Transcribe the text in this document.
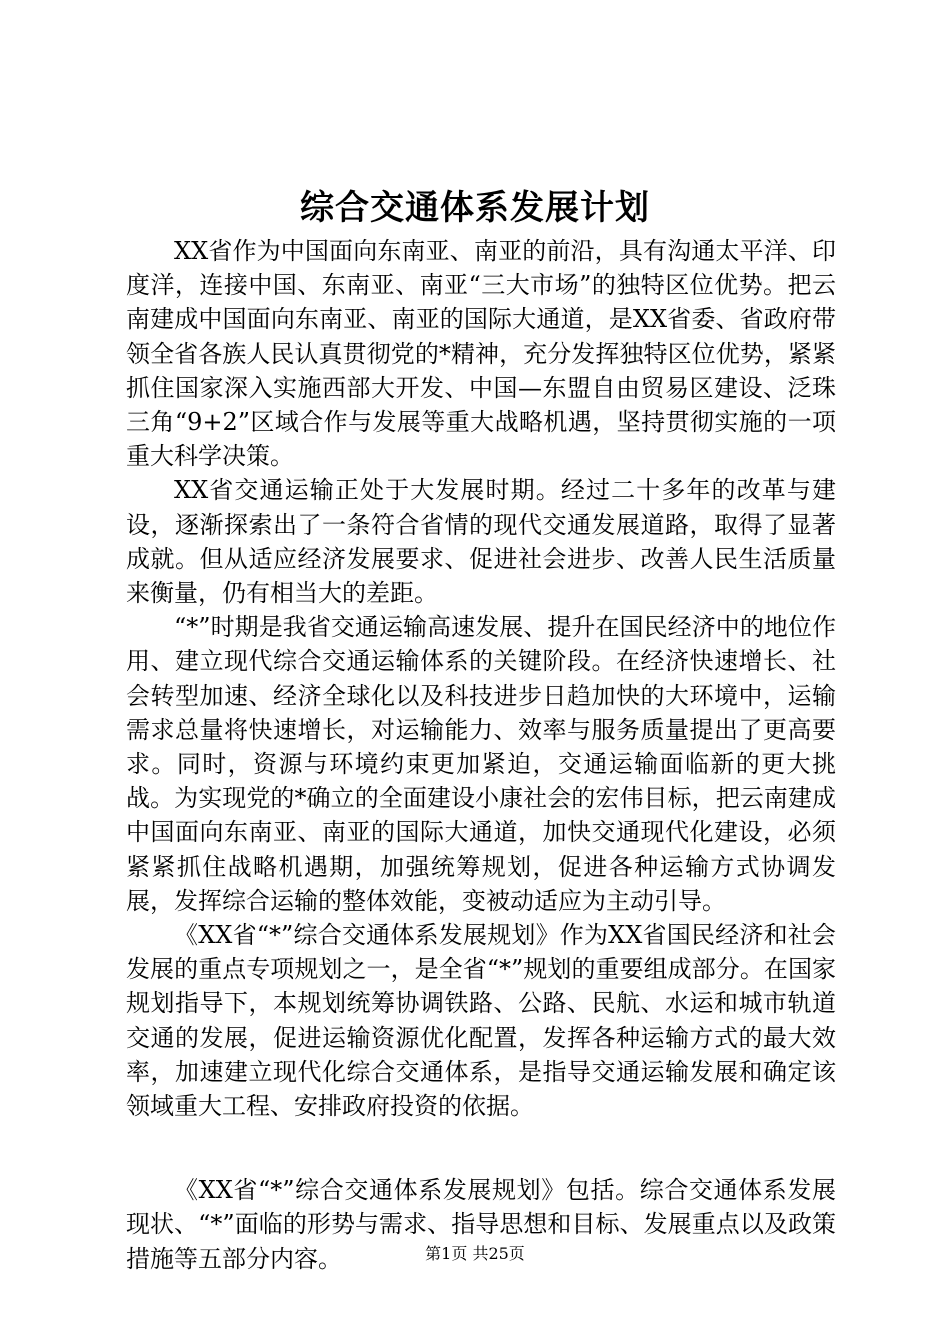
综合交通体系发展计划

XX省作为中国面向东南亚、南亚的前沿，具有沟通太平洋、印度洋，连接中国、东南亚、南亚“三大市场”的独特区位优势。把云南建成中国面向东南亚、南亚的国际大通道，是XX省委、省政府带领全省各族人民认真贯彻党的*精神，充分发挥独特区位优势，紧紧抓住国家深入实施西部大开发、中国—东盟自由贸易区建设、泛珠三角“9+2”区域合作与发展等重大战略机遇，坚持贯彻实施的一项重大科学决策。

XX省交通运输正处于大发展时期。经过二十多年的改革与建设，逐渐探索出了一条符合省情的现代交通发展道路，取得了显著成就。但从适应经济发展要求、促进社会进步、改善人民生活质量来衡量，仍有相当大的差距。

“*”时期是我省交通运输高速发展、提升在国民经济中的地位作用、建立现代综合交通运输体系的关键阶段。在经济快速增长、社会转型加速、经济全球化以及科技进步日趋加快的大环境中，运输需求总量将快速增长，对运输能力、效率与服务质量提出了更高要求。同时，资源与环境约束更加紧迫，交通运输面临新的更大挑战。为实现党的*确立的全面建设小康社会的宏伟目标，把云南建成中国面向东南亚、南亚的国际大通道，加快交通现代化建设，必须紧紧抓住战略机遇期，加强统筹规划，促进各种运输方式协调发展，发挥综合运输的整体效能，变被动适应为主动引导。

《XX省“*”综合交通体系发展规划》作为XX省国民经济和社会发展的重点专项规划之一，是全省“*”规划的重要组成部分。在国家规划指导下，本规划统筹协调铁路、公路、民航、水运和城市轨道交通的发展，促进运输资源优化配置，发挥各种运输方式的最大效率，加速建立现代化综合交通体系，是指导交通运输发展和确定该领域重大工程、安排政府投资的依据。

《XX省“*”综合交通体系发展规划》包括。综合交通体系发展现状、“*”面临的形势与需求、指导思想和目标、发展重点以及政策措施等五部分内容。	第1页 共25页
